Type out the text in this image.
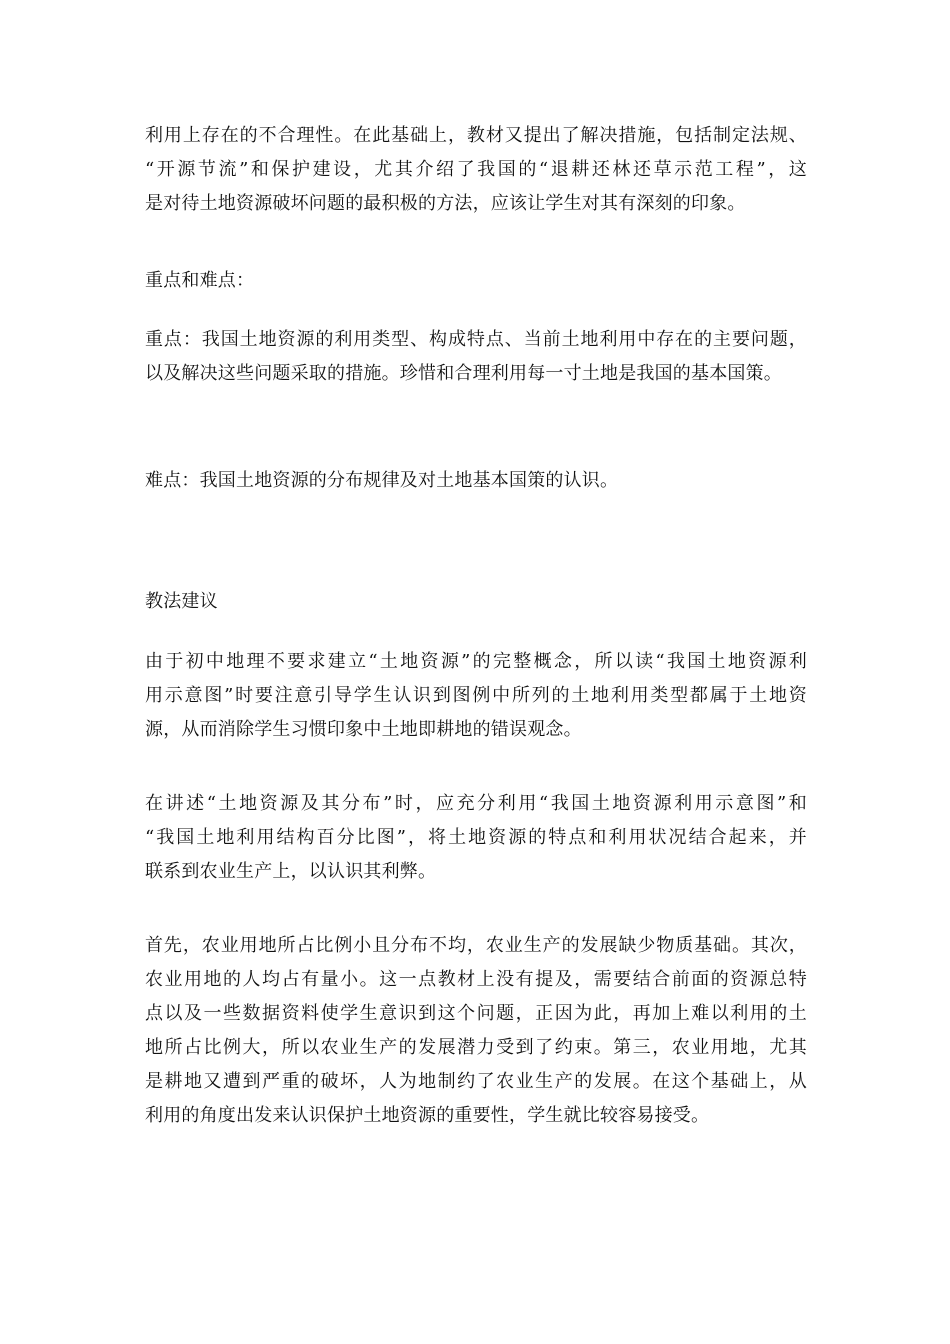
利用上存在的不合理性。在此基础上，教材又提出了解决措施，包括制定法规、
“开源节流”和保护建设，尤其介绍了我国的“退耕还林还草示范工程”，这
是对待土地资源破坏问题的最积极的方法，应该让学生对其有深刻的印象。
重点和难点：
重点：我国土地资源的利用类型、构成特点、当前土地利用中存在的主要问题，
以及解决这些问题采取的措施。珍惜和合理利用每一寸土地是我国的基本国策。
难点：我国土地资源的分布规律及对土地基本国策的认识。
教法建议
由于初中地理不要求建立“土地资源”的完整概念，所以读“我国土地资源利
用示意图”时要注意引导学生认识到图例中所列的土地利用类型都属于土地资
源，从而消除学生习惯印象中土地即耕地的错误观念。
在讲述“土地资源及其分布”时，应充分利用“我国土地资源利用示意图”和
“我国土地利用结构百分比图”，将土地资源的特点和利用状况结合起来，并
联系到农业生产上，以认识其利弊。
首先，农业用地所占比例小且分布不均，农业生产的发展缺少物质基础。其次，
农业用地的人均占有量小。这一点教材上没有提及，需要结合前面的资源总特
点以及一些数据资料使学生意识到这个问题，正因为此，再加上难以利用的土
地所占比例大，所以农业生产的发展潜力受到了约束。第三，农业用地，尤其
是耕地又遭到严重的破坏，人为地制约了农业生产的发展。在这个基础上，从
利用的角度出发来认识保护土地资源的重要性，学生就比较容易接受。
